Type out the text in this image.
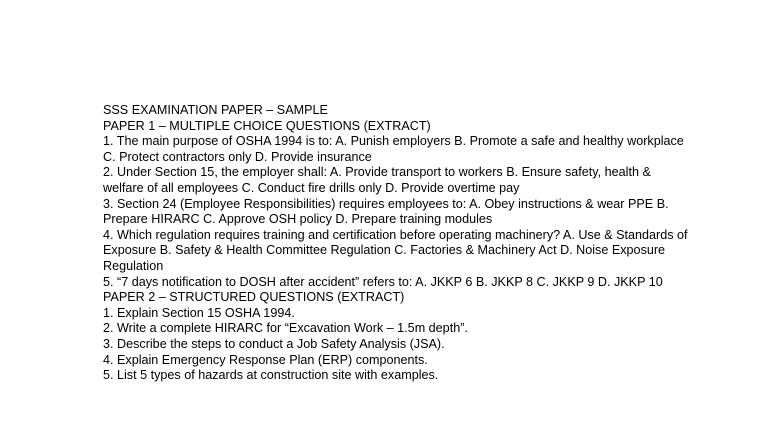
SSS EXAMINATION PAPER – SAMPLE
PAPER 1 – MULTIPLE CHOICE QUESTIONS (EXTRACT)
1. The main purpose of OSHA 1994 is to: A. Punish employers B. Promote a safe and healthy workplace C. Protect contractors only D. Provide insurance
2. Under Section 15, the employer shall: A. Provide transport to workers B. Ensure safety, health & welfare of all employees C. Conduct fire drills only D. Provide overtime pay
3. Section 24 (Employee Responsibilities) requires employees to: A. Obey instructions & wear PPE B. Prepare HIRARC C. Approve OSH policy D. Prepare training modules
4. Which regulation requires training and certification before operating machinery? A. Use & Standards of Exposure B. Safety & Health Committee Regulation C. Factories & Machinery Act D. Noise Exposure Regulation
5. “7 days notification to DOSH after accident” refers to: A. JKKP 6 B. JKKP 8 C. JKKP 9 D. JKKP 10
PAPER 2 – STRUCTURED QUESTIONS (EXTRACT)
1. Explain Section 15 OSHA 1994.
2. Write a complete HIRARC for “Excavation Work – 1.5m depth”.
3. Describe the steps to conduct a Job Safety Analysis (JSA).
4. Explain Emergency Response Plan (ERP) components.
5. List 5 types of hazards at construction site with examples.
